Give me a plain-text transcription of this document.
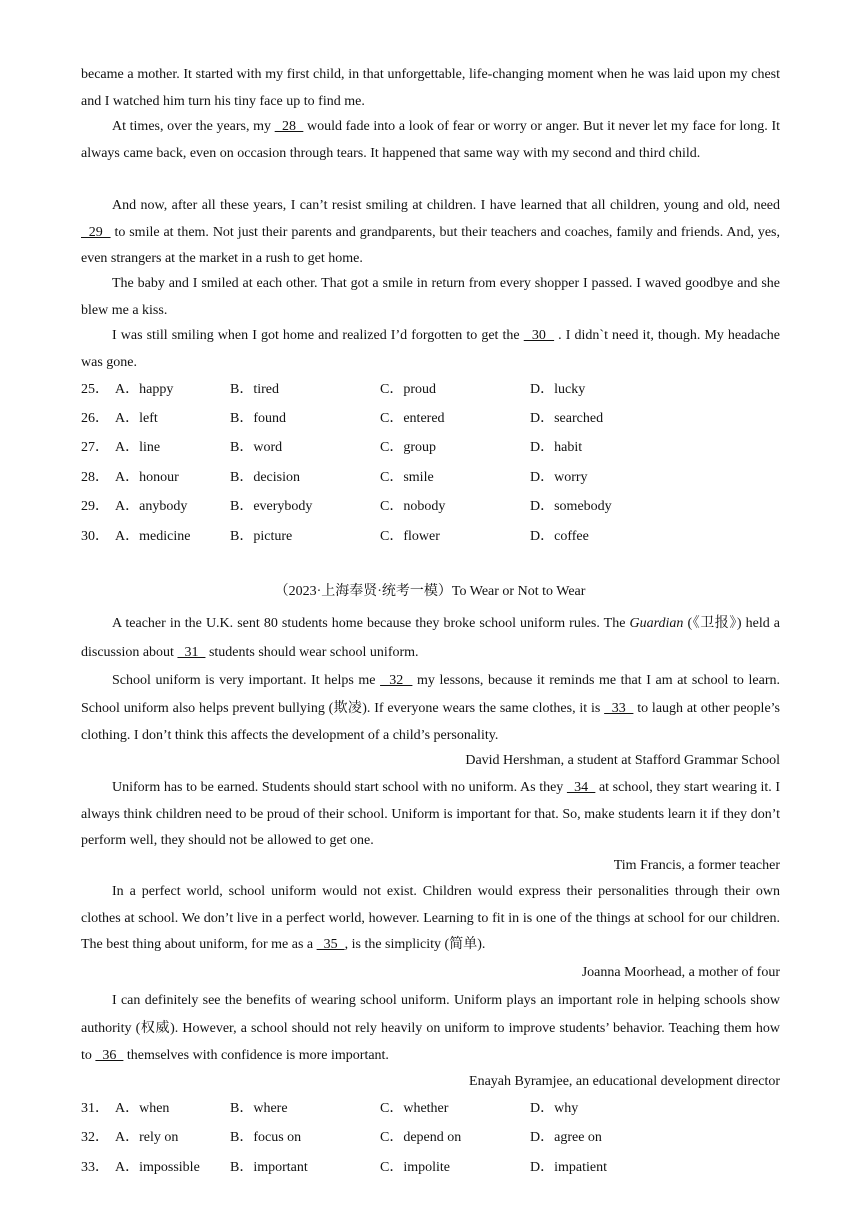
became a mother. It started with my first child, in that unforgettable, life-changing moment when he was laid upon my chest and I watched him turn his tiny face up to find me.

At times, over the years, my   28   would fade into a look of fear or worry or anger. But it never let my face for long. It always came back, even on occasion through tears. It happened that same way with my second and third child.

And now, after all these years, I can’t resist smiling at children. I have learned that all children, young and old, need   29   to smile at them. Not just their parents and grandparents, but their teachers and coaches, family and friends. And, yes, even strangers at the market in a rush to get home.

The baby and I smiled at each other. That got a smile in return from every shopper I passed. I waved goodbye and she blew me a kiss.

I was still smiling when I got home and realized I’d forgotten to get the   30   . I didn`t need it, though. My headache was gone.

25． A．happy	B．tired	C．proud	D．lucky
26． A．left	B．found	C．entered	D．searched
27． A．line	B．word	C．group	D．habit
28． A．honour	B．decision	C．smile	D．worry
29． A．anybody	B．everybody	C．nobody	D．somebody
30． A．medicine	B．picture	C．flower	D．coffee
（2023·上海奉贤·统考一模）To Wear or Not to Wear

A teacher in the U.K. sent 80 students home because they broke school uniform rules. The Guardian (《卫报》) held a discussion about   31   students should wear school uniform.

School uniform is very important. It helps me   32   my lessons, because it reminds me that I am at school to learn. School uniform also helps prevent bullying (欺凌). If everyone wears the same clothes, it is   33   to laugh at other people’s clothing. I don’t think this affects the development of a child’s personality.

David Hershman, a student at Stafford Grammar School

Uniform has to be earned. Students should start school with no uniform. As they   34   at school, they start wearing it. I always think children need to be proud of their school. Uniform is important for that. So, make students learn it if they don’t perform well, they should not be allowed to get one.

Tim Francis, a former teacher

In a perfect world, school uniform would not exist. Children would express their personalities through their own clothes at school. We don’t live in a perfect world, however. Learning to fit in is one of the things at school for our children. The best thing about uniform, for me as a   35  , is the simplicity (简单).

Joanna Moorhead, a mother of four

I can definitely see the benefits of wearing school uniform. Uniform plays an important role in helping schools show authority (权威). However, a school should not rely heavily on uniform to improve students’ behavior. Teaching them how to   36   themselves with confidence is more important.

Enayah Byramjee, an educational development director
31． A．when	B．where	C．whether	D．why
32． A．rely on	B．focus on	C．depend on	D．agree on
33． A．impossible B．important	C．impolite	D．impatient
